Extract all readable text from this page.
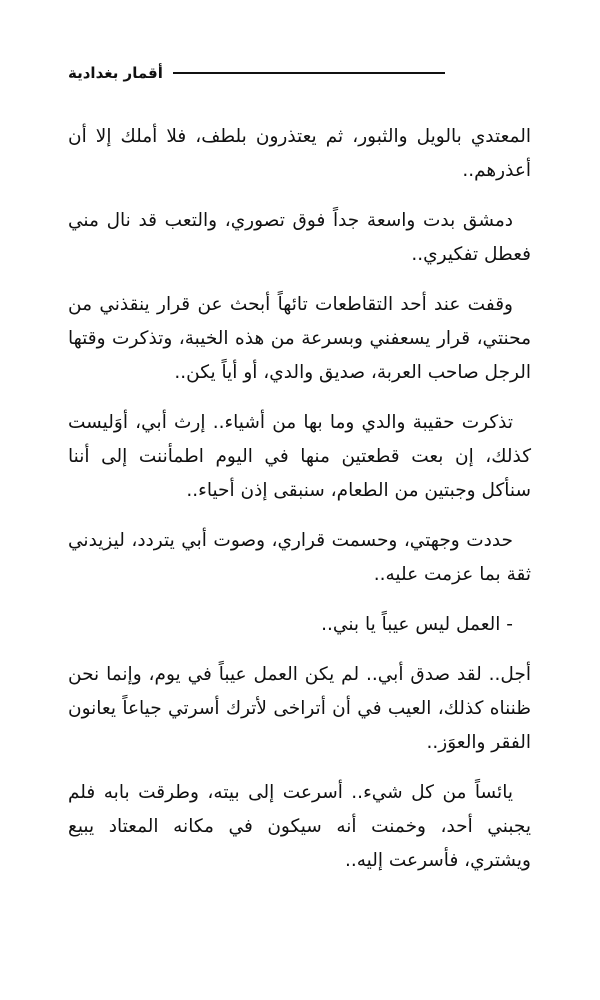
أقمار بغدادية

المعتدي بالويل والثبور، ثم يعتذرون بلطف، فلا أملك إلا أن أعذرهم..

دمشق بدت واسعة جداً فوق تصوري، والتعب قد نال مني فعطل تفكيري..

وقفت عند أحد التقاطعات تائهاً أبحث عن قرار ينقذني من محنتي، قرار يسعفني وبسرعة من هذه الخيبة، وتذكرت وقتها الرجل صاحب العربة، صديق والدي، أو أياً يكن..

تذكرت حقيبة والدي وما بها من أشياء.. إرث أبي، أوَليست كذلك، إن بعت قطعتين منها في اليوم اطمأننت إلى أننا سنأكل وجبتين من الطعام، سنبقى إذن أحياء..

حددت وجهتي، وحسمت قراري، وصوت أبي يتردد، ليزيدني ثقة بما عزمت عليه..

- العمل ليس عيباً يا بني..

أجل.. لقد صدق أبي.. لم يكن العمل عيباً في يوم، وإنما نحن ظنناه كذلك، العيب في أن أتراخى لأترك أسرتي جياعاً يعانون الفقر والعوَز..

يائساً من كل شيء.. أسرعت إلى بيته، وطرقت بابه فلم يجبني أحد، وخمنت أنه سيكون في مكانه المعتاد يبيع ويشتري، فأسرعت إليه..
